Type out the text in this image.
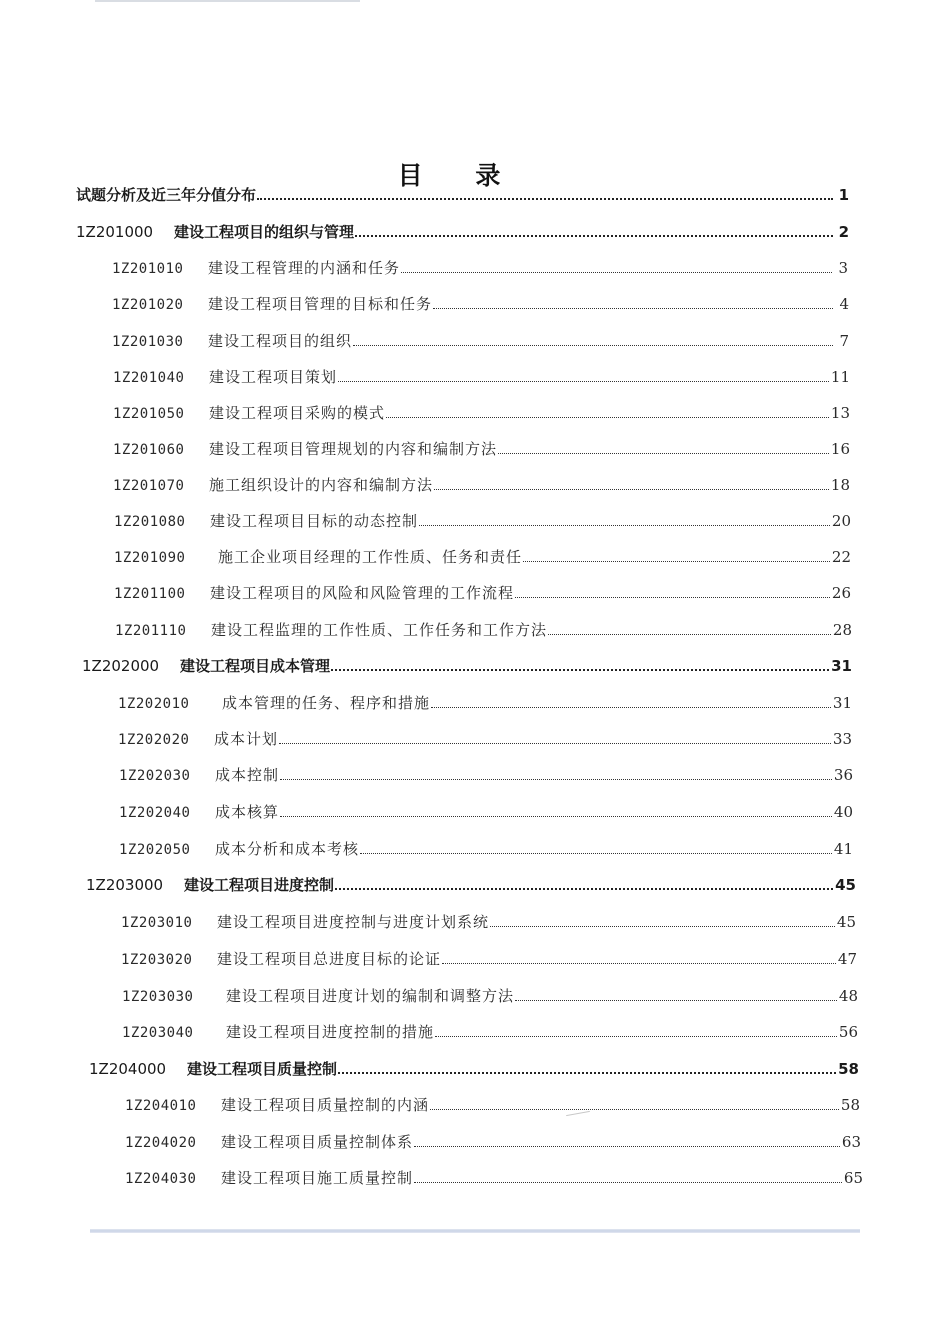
目 录
试题分析及近三年分值分布	1
1Z201000	建设工程项目的组织与管理	2
1Z201010	建设工程管理的内涵和任务	3
1Z201020	建设工程项目管理的目标和任务	4
1Z201030	建设工程项目的组织	7
1Z201040	建设工程项目策划	11
1Z201050	建设工程项目采购的模式	13
1Z201060	建设工程项目管理规划的内容和编制方法	16
1Z201070	施工组织设计的内容和编制方法	18
1Z201080	建设工程项目目标的动态控制	20
1Z201090	施工企业项目经理的工作性质、任务和责任	22
1Z201100	建设工程项目的风险和风险管理的工作流程	26
1Z201110	建设工程监理的工作性质、工作任务和工作方法	28
1Z202000	建设工程项目成本管理	31
1Z202010	成本管理的任务、程序和措施	31
1Z202020	成本计划	33
1Z202030	成本控制	36
1Z202040	成本核算	40
1Z202050	成本分析和成本考核	41
1Z203000	建设工程项目进度控制	45
1Z203010	建设工程项目进度控制与进度计划系统	45
1Z203020	建设工程项目总进度目标的论证	47
1Z203030	建设工程项目进度计划的编制和调整方法	48
1Z203040	建设工程项目进度控制的措施	56
1Z204000	建设工程项目质量控制	58
1Z204010	建设工程项目质量控制的内涵	58
1Z204020	建设工程项目质量控制体系	63
1Z204030	建设工程项目施工质量控制	65
